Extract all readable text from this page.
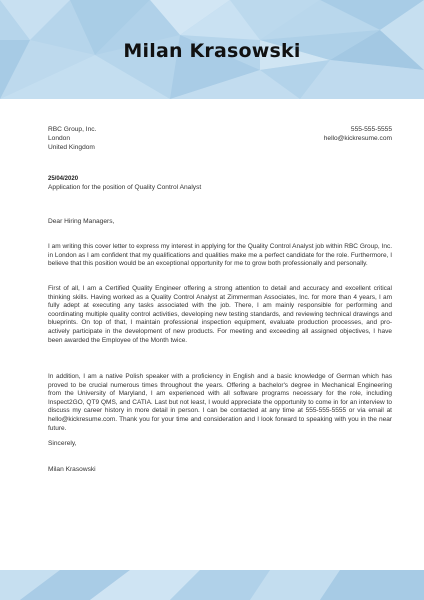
Milan Krasowski
RBC Group, Inc.
London
United Kingdom
555-555-5555
hello@kickresume.com
25/04/2020
Application for the position of Quality Control Analyst
Dear Hiring Managers,
I am writing this cover letter to express my interest in applying for the Quality Control Analyst job within RBC Group, Inc. in London as I am confident that my qualifications and qualities make me a perfect candidate for the role. Furthermore, I believe that this position would be an exceptional opportunity for me to grow both professionally and personally.
First of all, I am a Certified Quality Engineer offering a strong attention to detail and accuracy and excellent critical thinking skills. Having worked as a Quality Control Analyst at Zimmerman Associates, Inc. for more than 4 years, I am fully adept at executing any tasks associated with the job. There, I am mainly responsible for performing and coordinating multiple quality control activities, developing new testing standards, and reviewing technical drawings and blueprints. On top of that, I maintain professional inspection equipment, evaluate production processes, and pro-actively participate in the development of new products. For meeting and exceeding all assigned objectives, I have been awarded the Employee of the Month twice.
In addition, I am a native Polish speaker with a proficiency in English and a basic knowledge of German which has proved to be crucial numerous times throughout the years. Offering a bachelor's degree in Mechanical Engineering from the University of Maryland, I am experienced with all software programs necessary for the role, including Inspect2GO, QT9 QMS, and CATIA. Last but not least, I would appreciate the opportunity to come in for an interview to discuss my career history in more detail in person. I can be contacted at any time at 555-555-5555 or via email at hello@kickresume.com. Thank you for your time and consideration and I look forward to speaking with you in the near future.
Sincerely,
Milan Krasowski
